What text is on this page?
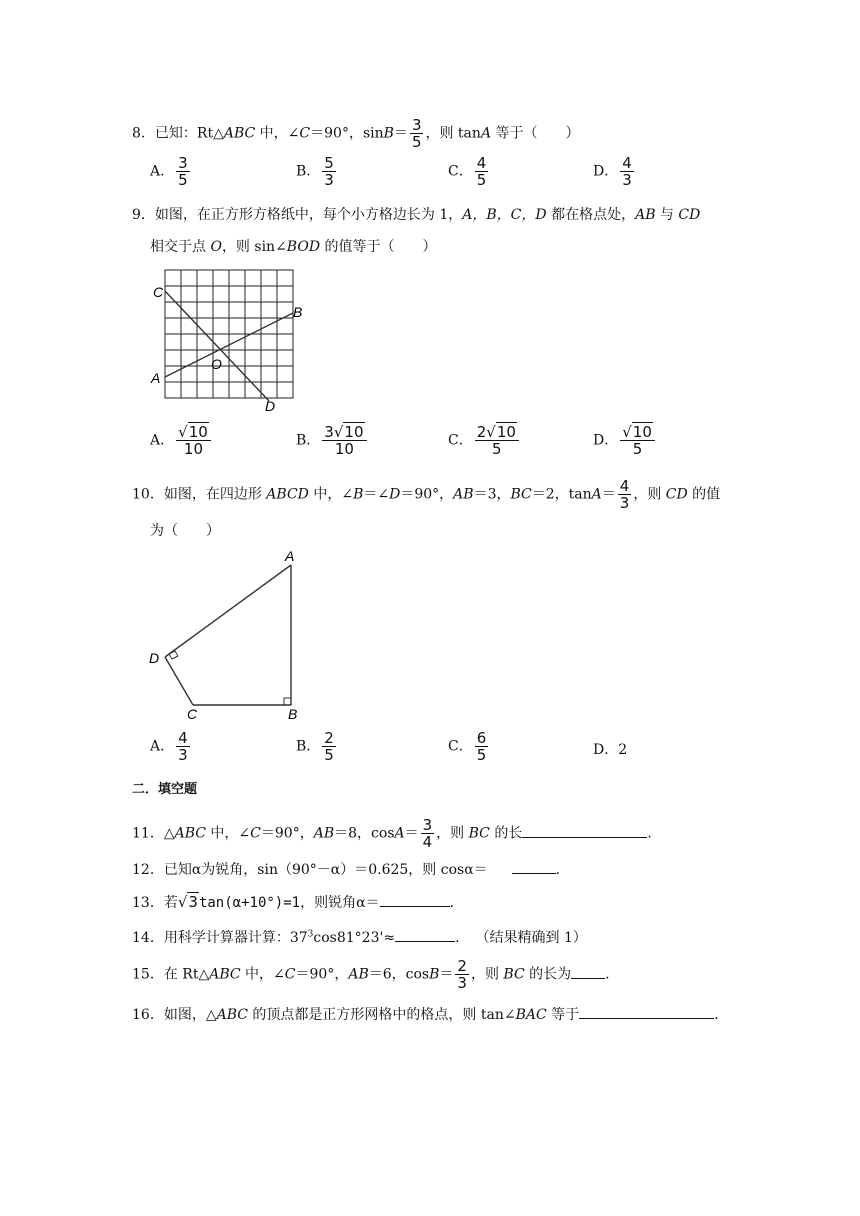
8．已知：Rt△ABC 中，∠C＝90°，$\sin B= \frac{3}{5}$ ，则 tanA 等于（　　）
A． $\frac{3}{5}$	B． $\frac{5}{3}$	C． $\frac{4}{5}$	D． $\frac{4}{3}$
9．如图，在正方形方格纸中，每个小方格边长为 1，A，B，C，D 都在格点处，AB 与 CD
相交于点 O，则 sin∠BOD 的值等于（　　）
C
B
A
O
D
A． $\frac{√10}{10}$	B． $\frac{3√10}{10}$	C． $\frac{2√10}{5}$	D． $\frac{√10}{5}$
10．如图，在四边形 ABCD 中，∠B＝∠D＝90°，AB＝3，BC＝2，$\tan A= \frac{4}{3}$ ，则 CD 的值
为（　　）
A
B
C
D
A． $\frac{4}{3}$	B． $\frac{2}{5}$	C． $\frac{6}{5}$	D．2
二．填空题
11．△ABC 中，∠C＝90°，AB＝8，$\cos A= \frac{3}{4}$ ，则 BC 的长	.
12．已知α为锐角，sin（90°－α）＝0.625，则 cosα＝	.
13．若√3tan(α+10°)=1，则锐角α＝	.
14．用科学计算器计算：$37^3\cos 81^\circ 23'\approx$	. （结果精确到 1）
15．在 Rt△ABC 中，∠C＝90°，AB＝6，$\cos B= \frac{2}{3}$ ，则 BC 的长为 .
16．如图，△ABC 的顶点都是正方形网格中的格点，则 tan∠BAC 等于	.
